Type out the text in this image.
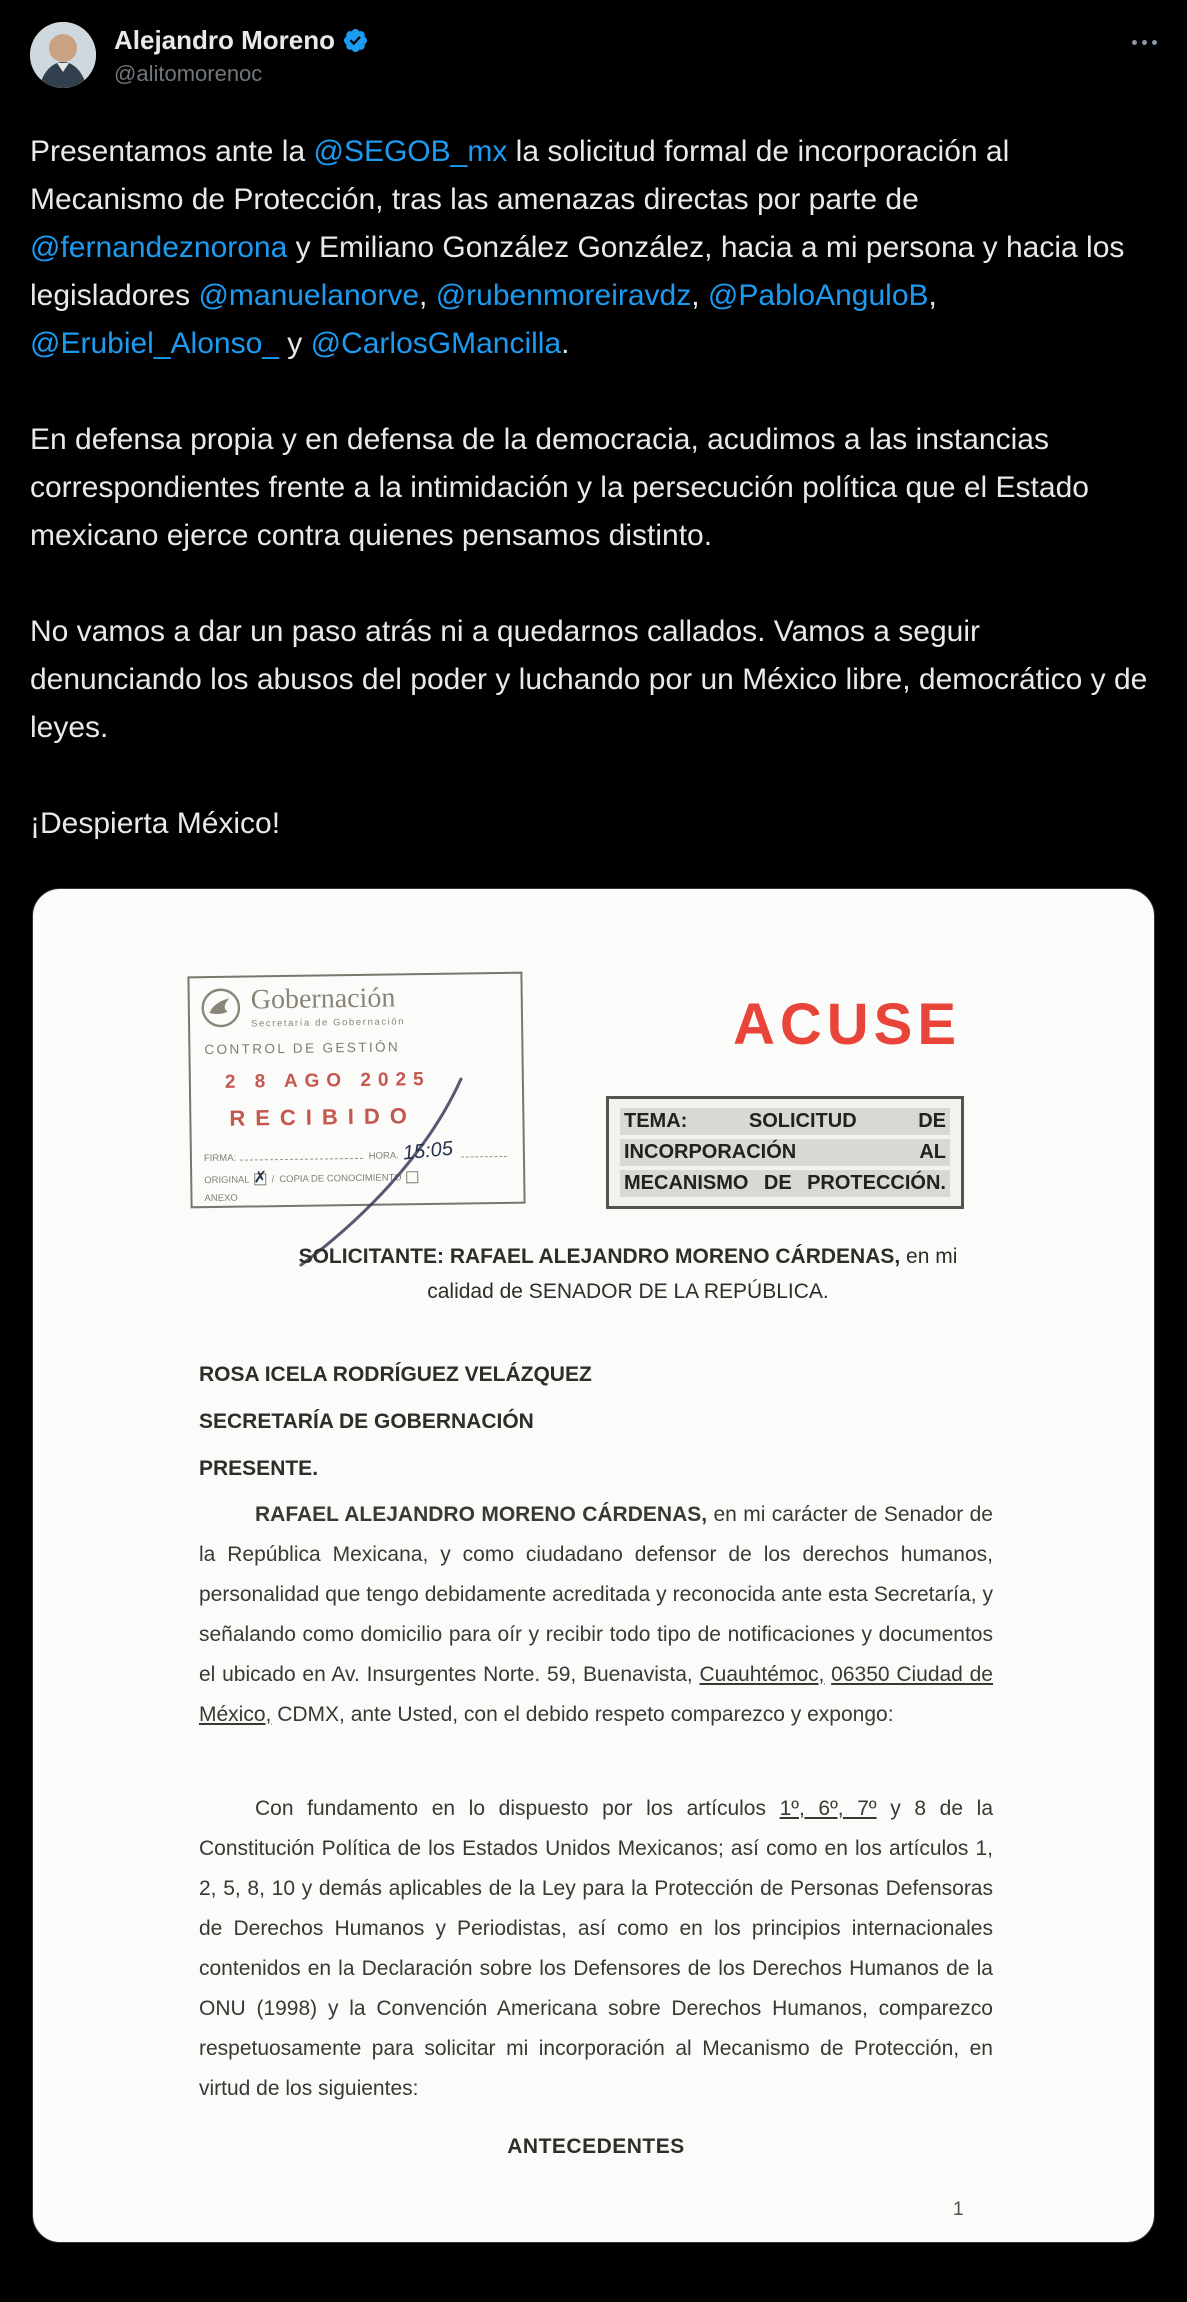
Alejandro Moreno
@alitomorenoc

Presentamos ante la @SEGOB_mx la solicitud formal de incorporación al Mecanismo de Protección, tras las amenazas directas por parte de @fernandeznorona y Emiliano González González, hacia a mi persona y hacia los legisladores @manuelanorve, @rubenmoreiravdz, @PabloAnguloB, @Erubiel_Alonso_ y @CarlosGMancilla.

En defensa propia y en defensa de la democracia, acudimos a las instancias correspondientes frente a la intimidación y la persecución política que el Estado mexicano ejerce contra quienes pensamos distinto.

No vamos a dar un paso atrás ni a quedarnos callados. Vamos a seguir denunciando los abusos del poder y luchando por un México libre, democrático y de leyes.

¡Despierta México!

Gobernación
Secretaría de Gobernación
CONTROL DE GESTIÓN
2 8 AGO 2025
RECIBIDO
FIRMA:	HORA. 15:05
ORIGINAL ✗ / COPIA DE CONOCIMIENTO
ANEXO
ACUSE
TEMA:	SOLICITUD	DE
INCORPORACIÓN	AL
MECANISMO DE PROTECCIÓN.
SOLICITANTE: RAFAEL ALEJANDRO MORENO CÁRDENAS, en mi
calidad de SENADOR DE LA REPÚBLICA.
ROSA ICELA RODRÍGUEZ VELÁZQUEZ
SECRETARÍA DE GOBERNACIÓN
PRESENTE.
RAFAEL ALEJANDRO MORENO CÁRDENAS, en mi carácter de Senador de la República Mexicana, y como ciudadano defensor de los derechos humanos, personalidad que tengo debidamente acreditada y reconocida ante esta Secretaría, y señalando como domicilio para oír y recibir todo tipo de notificaciones y documentos el ubicado en Av. Insurgentes Norte. 59, Buenavista, Cuauhtémoc, 06350 Ciudad de México, CDMX, ante Usted, con el debido respeto comparezco y expongo:
Con fundamento en lo dispuesto por los artículos 1º, 6º, 7º y 8 de la Constitución Política de los Estados Unidos Mexicanos; así como en los artículos 1, 2, 5, 8, 10 y demás aplicables de la Ley para la Protección de Personas Defensoras de Derechos Humanos y Periodistas, así como en los principios internacionales contenidos en la Declaración sobre los Defensores de los Derechos Humanos de la ONU (1998) y la Convención Americana sobre Derechos Humanos, comparezco respetuosamente para solicitar mi incorporación al Mecanismo de Protección, en virtud de los siguientes:
ANTECEDENTES
1
